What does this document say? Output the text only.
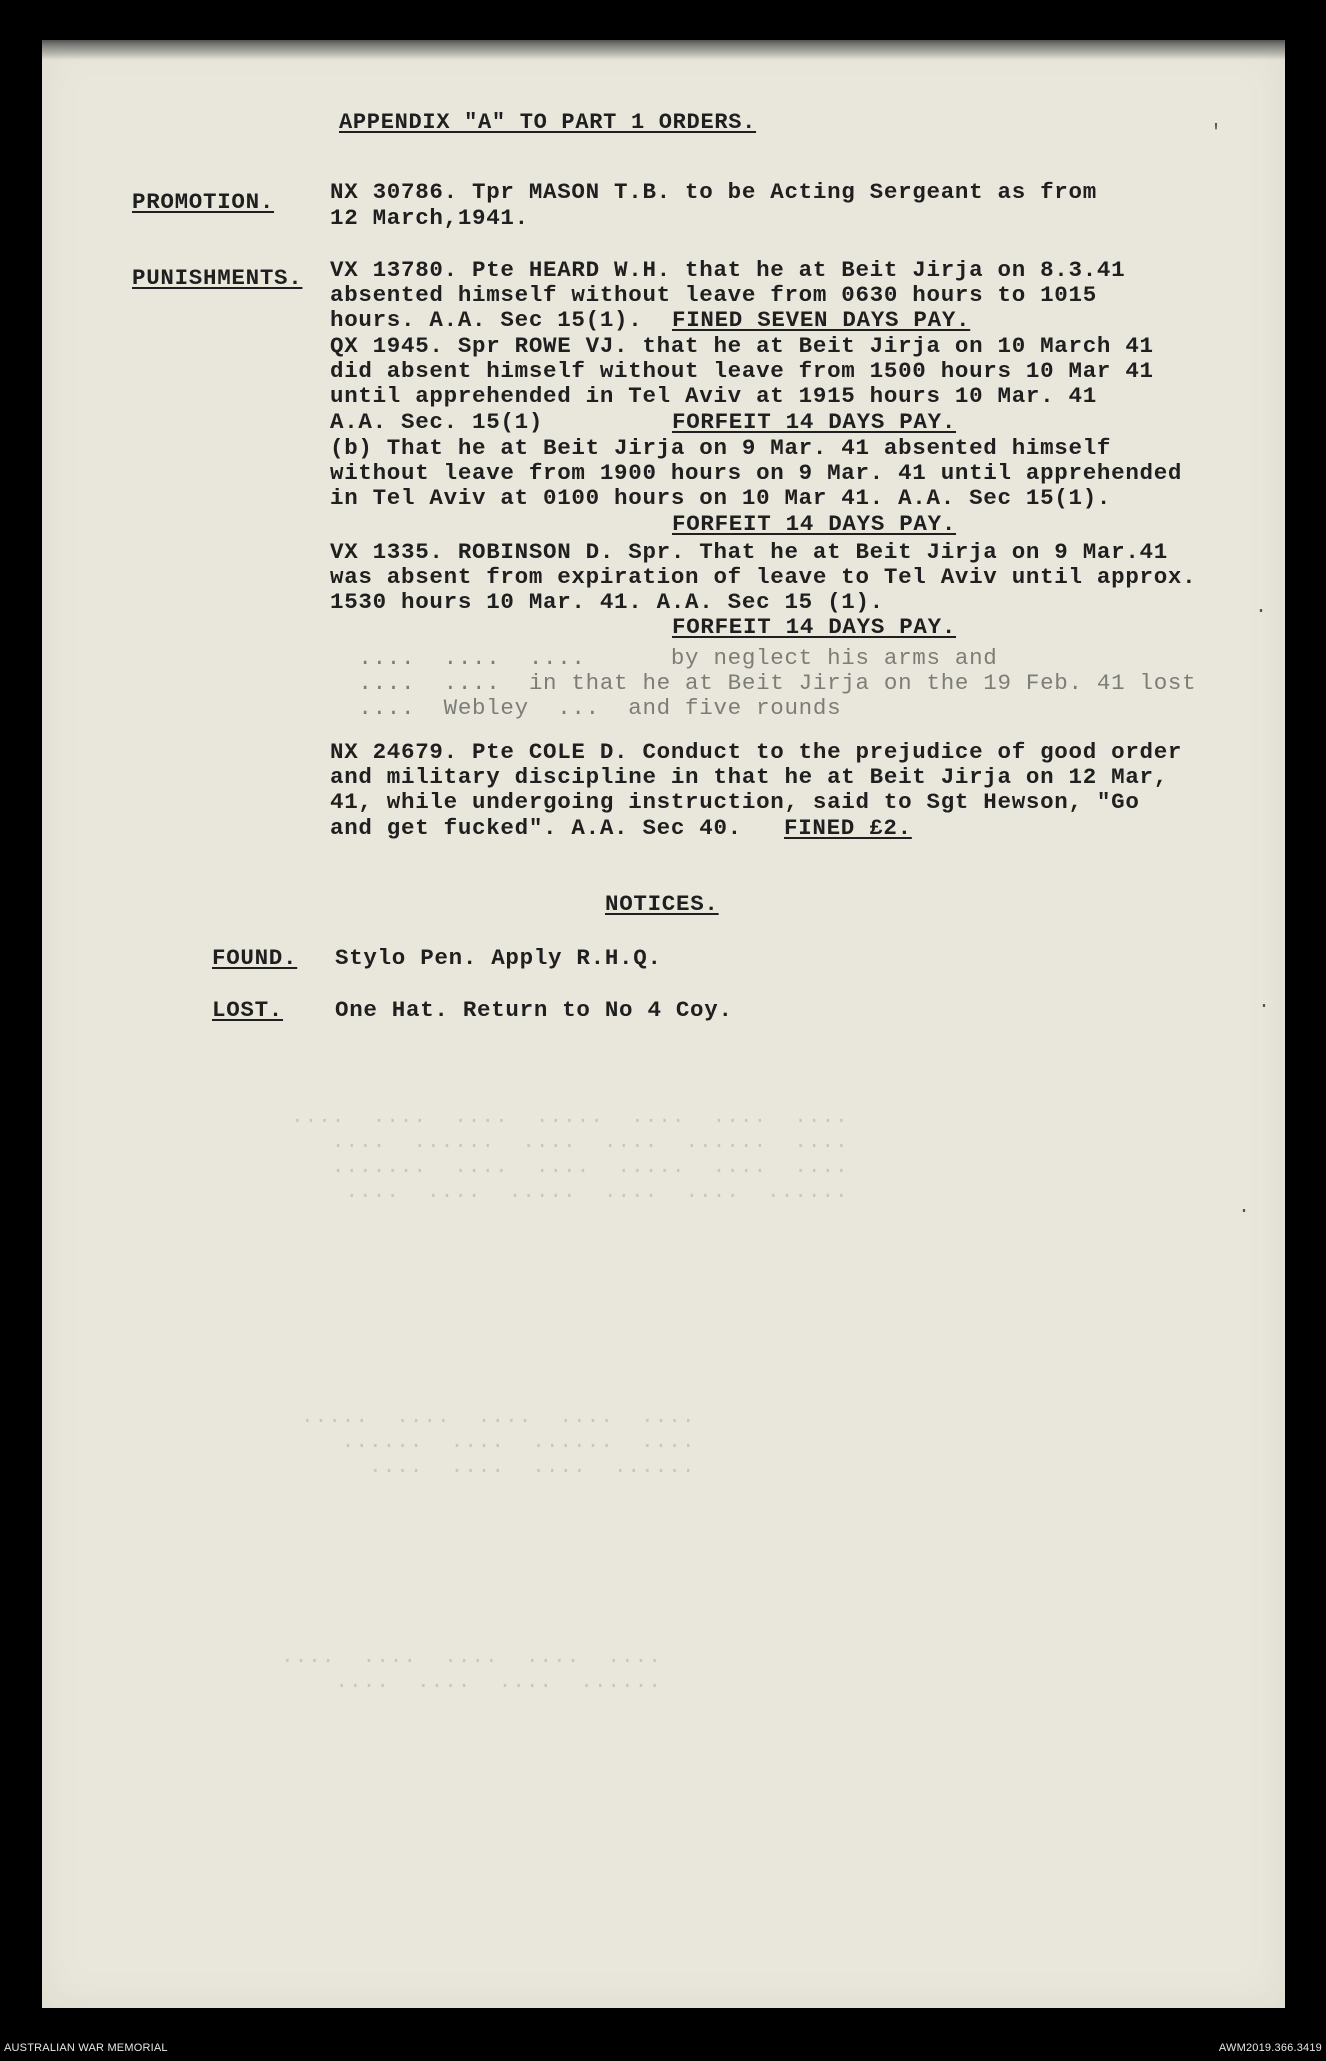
....  ....  ....  .....  ....  ....  ....
....  ......  ....  ....  ......  ....
....  ....  .....  ....  ....  .......
......  ....  ....  .....  ....  ....

....  ....  ....  ....  .....
....  ......  ....  ......
......  ....  ....  ....

....  ....  ....  ....  ....
......  ....  ....  ....

APPENDIX "A" TO PART 1 ORDERS.
PROMOTION. NX 30786. Tpr MASON T.B. to be Acting Sergeant as from
12 March,1941.
PUNISHMENTS. VX 13780. Pte HEARD W.H. that he at Beit Jirja on 8.3.41
absented himself without leave from 0630 hours to 1015
hours. A.A. Sec 15(1). FINED SEVEN DAYS PAY.
QX 1945. Spr ROWE VJ. that he at Beit Jirja on 10 March 41
did absent himself without leave from 1500 hours 10 Mar 41
until apprehended in Tel Aviv at 1915 hours 10 Mar. 41
A.A. Sec. 15(1)	FORFEIT 14 DAYS PAY.
(b) That he at Beit Jirja on 9 Mar. 41 absented himself
without leave from 1900 hours on 9 Mar. 41 until apprehended
in Tel Aviv at 0100 hours on 10 Mar 41. A.A. Sec 15(1).
FORFEIT 14 DAYS PAY.
VX 1335. ROBINSON D. Spr. That he at Beit Jirja on 9 Mar.41
was absent from expiration of leave to Tel Aviv until approx.
1530 hours 10 Mar. 41. A.A. Sec 15 (1).
FORFEIT 14 DAYS PAY.
....  ....  ....      by neglect his arms and
....  ....  in that he at Beit Jirja on the 19 Feb. 41 lost
....  Webley  ...  and five rounds
NX 24679. Pte COLE D. Conduct to the prejudice of good order
and military discipline in that he at Beit Jirja on 12 Mar,
41, while undergoing instruction, said to Sgt Hewson, "Go
and get fucked". A.A. Sec 40. FINED £2.
NOTICES.
FOUND. Stylo Pen. Apply R.H.Q.
LOST. One Hat. Return to No 4 Coy.
'
·
·
·
AUSTRALIAN WAR MEMORIAL	AWM2019.366.3419
